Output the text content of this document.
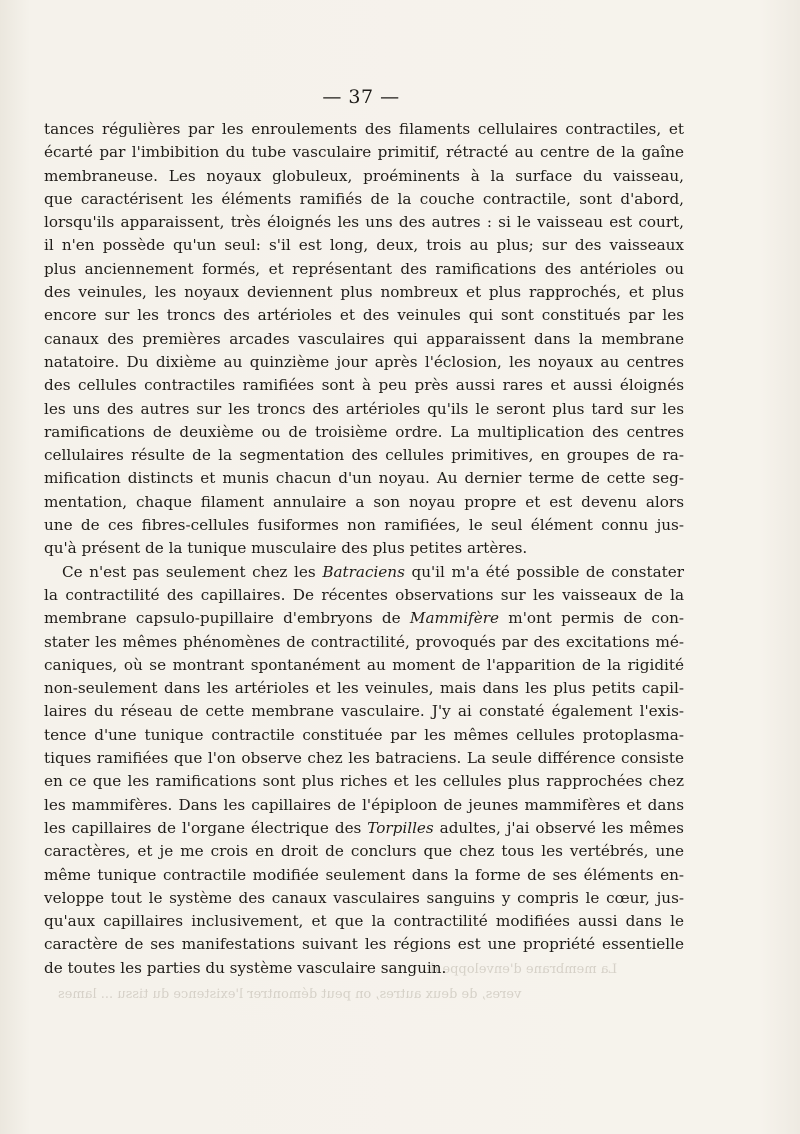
— 37 —
La membrane d'enveloppe d
veres, de deux autres, on peut démontrer l'existence du tissu ... lames
tances régulières par les enroulements des filaments cellulaires contractiles, et
écarté par l'imbibition du tube vasculaire primitif, rétracté au centre de la gaîne
membraneuse. Les noyaux globuleux, proéminents à la surface du vaisseau,
que caractérisent les éléments ramifiés de la couche contractile, sont d'abord,
lorsqu'ils apparaissent, très éloignés les uns des autres : si le vaisseau est court,
il n'en possède qu'un seul: s'il est long, deux, trois au plus; sur des vaisseaux
plus anciennement formés, et représentant des ramifications des antérioles ou
des veinules, les noyaux deviennent plus nombreux et plus rapprochés, et plus
encore sur les troncs des artérioles et des veinules qui sont constitués par les
canaux des premières arcades vasculaires qui apparaissent dans la membrane
natatoire. Du dixième au quinzième jour après l'éclosion, les noyaux au centres
des cellules contractiles ramifiées sont à peu près aussi rares et aussi éloignés
les uns des autres sur les troncs des artérioles qu'ils le seront plus tard sur les
ramifications de deuxième ou de troisième ordre. La multiplication des centres
cellulaires résulte de la segmentation des cellules primitives, en groupes de ra-
mification distincts et munis chacun d'un noyau. Au dernier terme de cette seg-
mentation, chaque filament annulaire a son noyau propre et est devenu alors
une de ces fibres-cellules fusiformes non ramifiées, le seul élément connu jus-
qu'à présent de la tunique musculaire des plus petites artères.
Ce n'est pas seulement chez les Batraciens qu'il m'a été possible de constater
la contractilité des capillaires. De récentes observations sur les vaisseaux de la
membrane capsulo-pupillaire d'embryons de Mammifère m'ont permis de con-
stater les mêmes phénomènes de contractilité, provoqués par des excitations mé-
caniques, où se montrant spontanément au moment de l'apparition de la rigidité
non-seulement dans les artérioles et les veinules, mais dans les plus petits capil-
laires du réseau de cette membrane vasculaire. J'y ai constaté également l'exis-
tence d'une tunique contractile constituée par les mêmes cellules protoplasma-
tiques ramifiées que l'on observe chez les batraciens. La seule différence consiste
en ce que les ramifications sont plus riches et les cellules plus rapprochées chez
les mammifères. Dans les capillaires de l'épiploon de jeunes mammifères et dans
les capillaires de l'organe électrique des Torpilles adultes, j'ai observé les mêmes
caractères, et je me crois en droit de conclurs que chez tous les vertébrés, une
même tunique contractile modifiée seulement dans la forme de ses éléments en-
veloppe tout le système des canaux vasculaires sanguins y compris le cœur, jus-
qu'aux capillaires inclusivement, et que la contractilité modifiées aussi dans le
caractère de ses manifestations suivant les régions est une propriété essentielle
de toutes les parties du système vasculaire sanguin.
